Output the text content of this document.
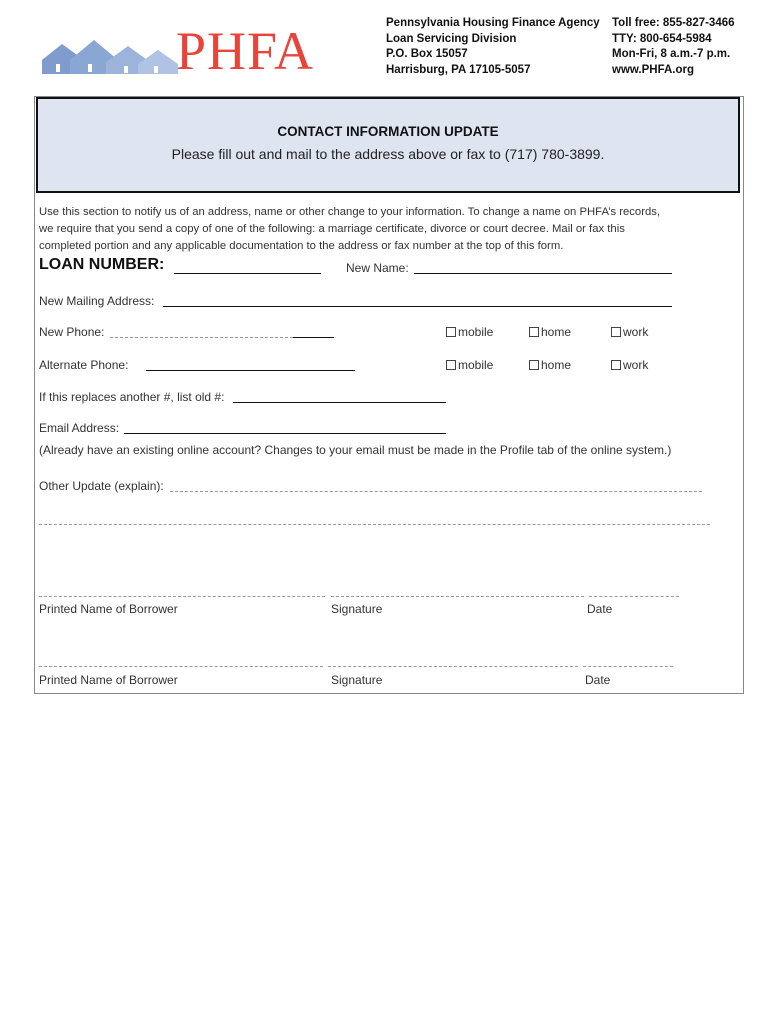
PHFA	Pennsylvania Housing Finance Agency
Loan Servicing Division
P.O. Box 15057
Harrisburg, PA 17105-5057
Toll free: 855-827-3466
TTY: 800-654-5984
Mon-Fri, 8 a.m.-7 p.m.
www.PHFA.org
CONTACT INFORMATION UPDATE
Please fill out and mail to the address above or fax to (717) 780-3899.
Use this section to notify us of an address, name or other change to your information. To change a name on PHFA’s records,
we require that you send a copy of one of the following: a marriage certificate, divorce or court decree. Mail or fax this
completed portion and any applicable documentation to the address or fax number at the top of this form.
LOAN NUMBER:	New Name:
New Mailing Address:
New Phone:	mobile	home	work
Alternate Phone:	mobile	home	work
If this replaces another #, list old #:
Email Address:
(Already have an existing online account? Changes to your email must be made in the Profile tab of the online system.)
Other Update (explain):
Printed Name of Borrower	Signature	Date
Printed Name of Borrower	Signature	Date
